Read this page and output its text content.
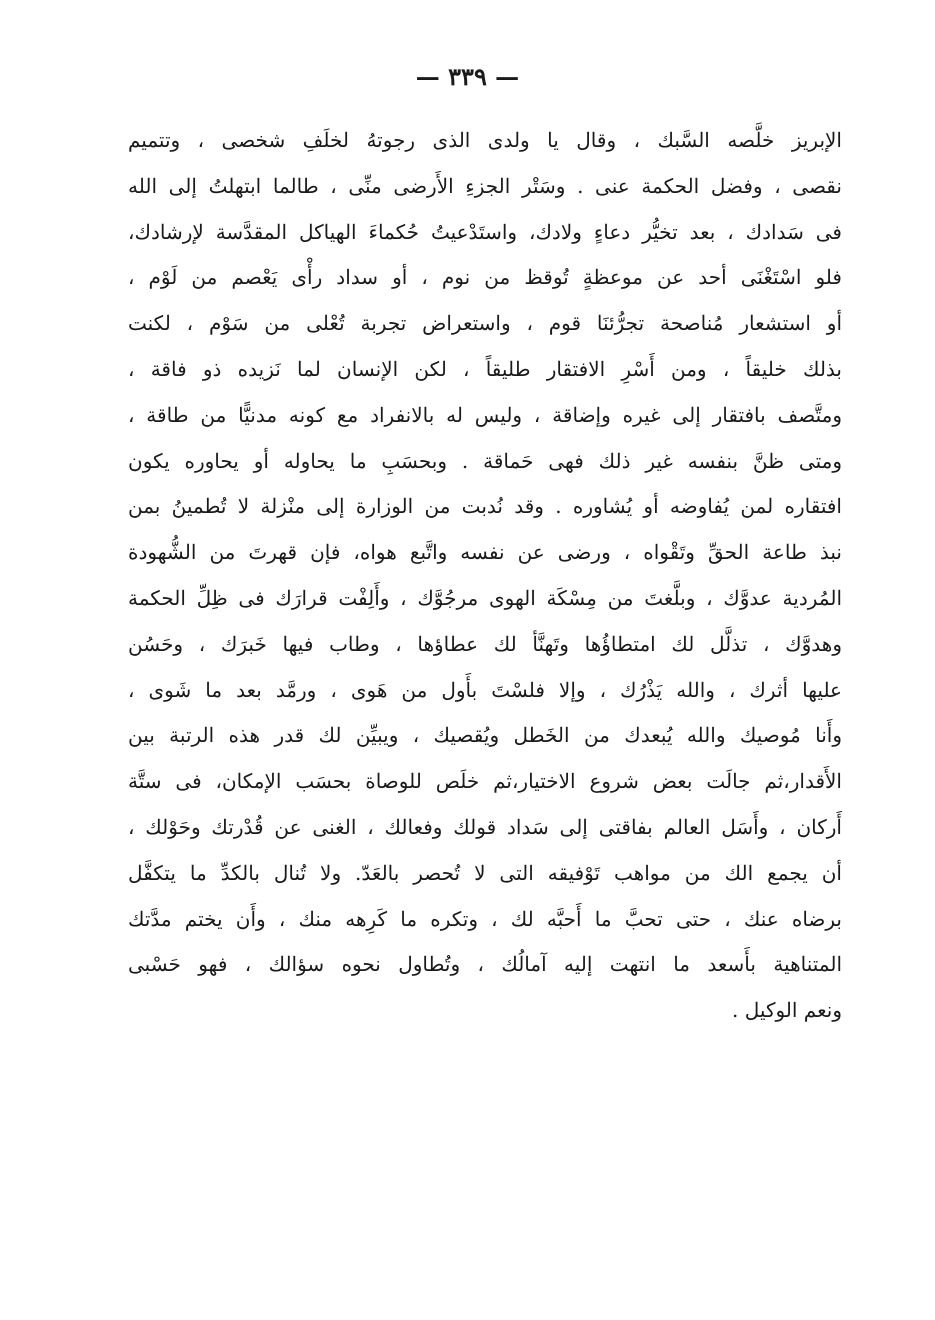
— ٣٣٩ —
الإبريز خلَّصه السَّبك ، وقال يا ولدى الذى رجوتهُ لخلَفِ شخصى ، وتتميم
نقصى ، وفضل الحكمة عنى . وسَتْر الجزءِ الأَرضى منِّى ، طالما ابتهلتُ إلى الله
فى سَدادك ، بعد تخيُّر دعاءٍ ولادك، واستَدْعيتُ حُكماءَ الهياكل المقدَّسة لإرشادك،
فلو اسْتَغْنَى أحد عن موعظةٍ تُوقظ من نوم ، أو سداد رأْى يَعْصم من لَوْم ،
أو استشعار مُناصحة تجرُّئنَا قوم ، واستعراض تجربة تُعْلى من سَوْم ، لكنت
بذلك خليقاً ، ومن أَسْرِ الافتقار طليقاً ، لكن الإنسان لما نَزيده ذو فاقة ،
ومتَّصف بافتقار إلى غيره وإضاقة ، وليس له بالانفراد مع كونه مدنيًّا من طاقة ،
ومتى ظنَّ بنفسه غير ذلك فهى حَماقة . وبحسَبِ ما يحاوله أو يحاوره يكون
افتقاره لمن يُفاوضه أو يُشاوره . وقد نُدبت من الوزارة إلى منْزلة لا تُطمينُ بمن
نبذ طاعة الحقِّ وتَقْواه ، ورضى عن نفسه واتَّبع هواه، فإن قهرتَ من الشُّهودة
المُردية عدوَّك ، وبلَّغتَ من مِسْكَة الهوى مرجُوَّك ، وأَلِفْت قرارَك فى ظِلِّ الحكمة
وهدوَّك ، تذلَّل لك امتطاؤُها وتَهنَّأ لك عطاؤها ، وطاب فيها خَبرَك ، وحَسُن
عليها أثرك ، والله يَذْرُك ، وإلا فلسْتَ بأَول من هَوى ، ورمَّد بعد ما شَوى ،
وأَنا مُوصيك والله يُبعدك من الخَطل ويُقصيك ، ويبيِّن لك قدر هذه الرتبة بين
الأَقدار،ثم جالَت بعض شروع الاختيار،ثم خلَص للوصاة بحسَب الإمكان، فى ستَّة
أَركان ، وأَسَل العالم بفاقتى إلى سَداد قولك وفعالك ، الغنى عن قُدْرتك وحَوْلك ،
أن يجمع الك من مواهب تَوْفيقه التى لا تُحصر بالعَدّ. ولا تُنال بالكدِّ ما يتكفَّل
برضاه عنك ، حتى تحبَّ ما أَحبَّه لك ، وتكره ما كَرِهه منك ، وأَن يختم مدَّتك
المتناهية بأَسعد ما انتهت إليه آمالُك ، وتُطاول نحوه سؤالك ، فهو حَسْبى
ونعم الوكيل .
